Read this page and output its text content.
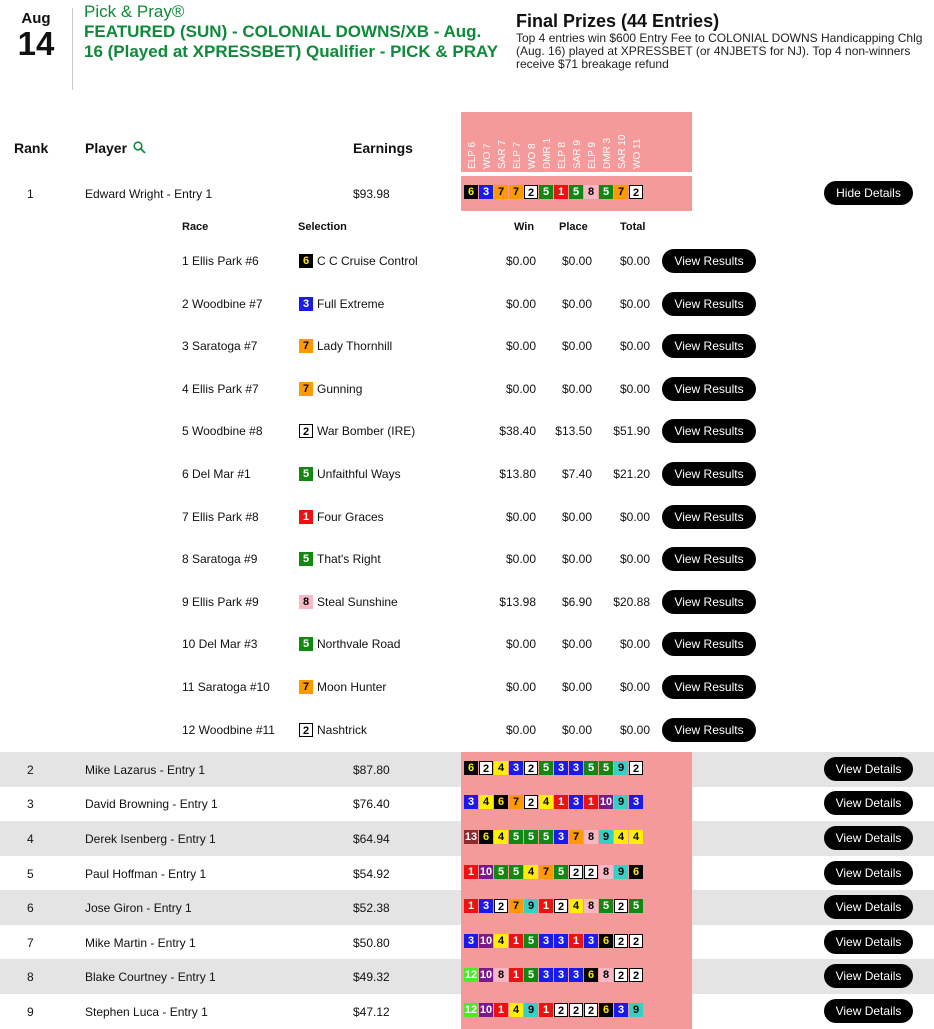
Aug
14
Pick & Pray®
FEATURED (SUN) - COLONIAL DOWNS/XB - Aug. 16 (Played at XPRESSBET) Qualifier - PICK & PRAY
Final Prizes (44 Entries)
Top 4 entries win $600 Entry Fee to COLONIAL DOWNS Handicapping Chlg (Aug. 16) played at XPRESSBET (or 4NJBETS for NJ). Top 4 non-winners receive $71 breakage refund
Rank	Player	Earnings	ELP 6 WO 7 SAR 7 ELP 7 WO 8 DMR 1 ELP 8 SAR 9 ELP 9 DMR 3 SAR 10 WO 11
1	Edward Wright - Entry 1	$93.98	6 3 7 7 2 5 1 5 8 5 7 2	Hide Details
2	Mike Lazarus - Entry 1	$87.80	6 2 4 3 2 5 3 3 5 5 9 2	View Details
3	David Browning - Entry 1	$76.40	3 4 6 7 2 4 1 3 1 10 9 3	View Details
4	Derek Isenberg - Entry 1	$64.94	13 6 4 5 5 5 3 7 8 9 4 4	View Details
5	Paul Hoffman - Entry 1	$54.92	1 10 5 5 4 7 5 2 2 8 9 6	View Details
6	Jose Giron - Entry 1	$52.38	1 3 2 7 9 1 2 4 8 5 2 5	View Details
7	Mike Martin - Entry 1	$50.80	3 10 4 1 5 3 3 1 3 6 2 2	View Details
8	Blake Courtney - Entry 1	$49.32	12 10 8 1 5 3 3 3 6 8 2 2	View Details
9	Stephen Luca - Entry 1	$47.12	12 10 1 4 9 1 2 2 2 6 3 9	View Details
Race	Selection	Win Place	Total
1 Ellis Park #6	6 C C Cruise Control	$0.00	$0.00	$0.00	View Results
2 Woodbine #7	3 Full Extreme	$0.00	$0.00	$0.00	View Results
3 Saratoga #7	7 Lady Thornhill	$0.00	$0.00	$0.00	View Results
4 Ellis Park #7	7 Gunning	$0.00	$0.00	$0.00	View Results
5 Woodbine #8	2 War Bomber (IRE)	$38.40 $13.50	$51.90	View Results
6 Del Mar #1	5 Unfaithful Ways	$13.80	$7.40	$21.20	View Results
7 Ellis Park #8	1 Four Graces	$0.00	$0.00	$0.00	View Results
8 Saratoga #9	5 That's Right	$0.00	$0.00	$0.00	View Results
9 Ellis Park #9	8 Steal Sunshine	$13.98	$6.90	$20.88	View Results
10 Del Mar #3	5 Northvale Road	$0.00	$0.00	$0.00	View Results
11 Saratoga #10	7 Moon Hunter	$0.00	$0.00	$0.00	View Results
12 Woodbine #11	2 Nashtrick	$0.00	$0.00	$0.00	View Results
